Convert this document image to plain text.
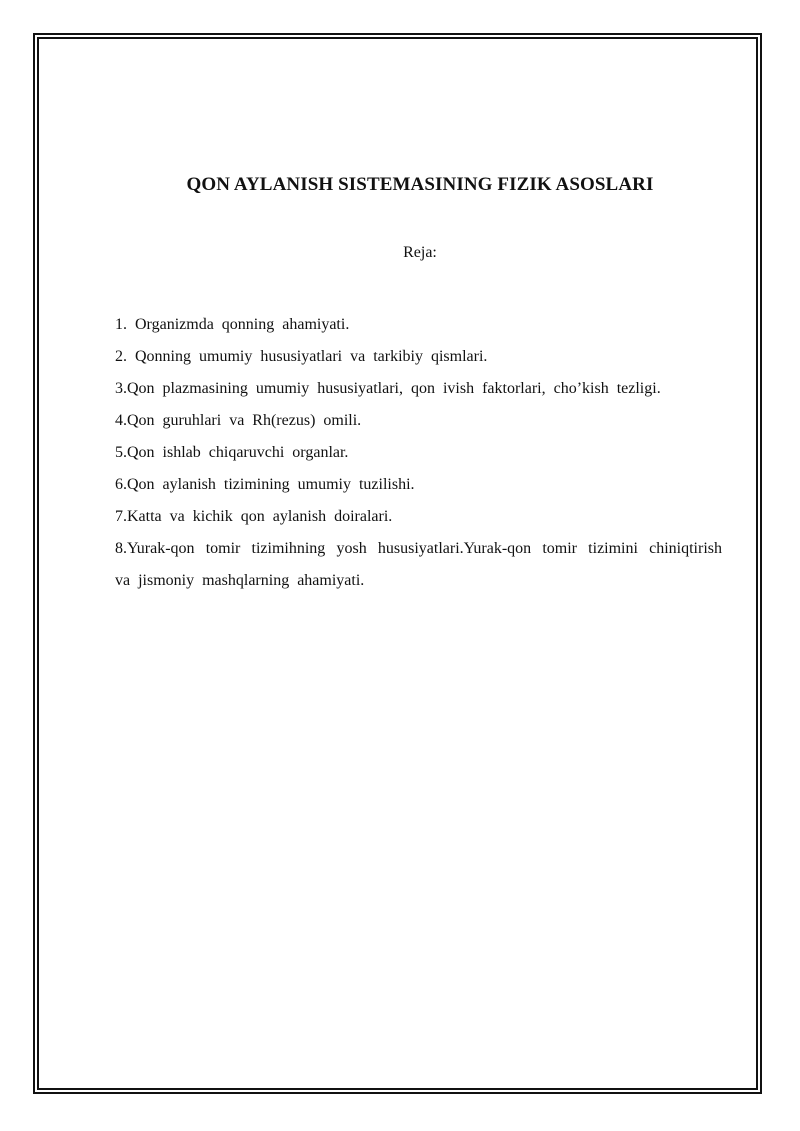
QON AYLANISH SISTEMASINING FIZIK ASOSLARI
Reja:
1. Organizmda qonning ahamiyati.
2. Qonning umumiy hususiyatlari va tarkibiy qismlari.
3.Qon plazmasining umumiy hususiyatlari, qon ivish faktorlari, cho’kish tezligi.
4.Qon guruhlari va Rh(rezus) omili.
5.Qon ishlab chiqaruvchi organlar.
6.Qon aylanish tizimining umumiy tuzilishi.
7.Katta va kichik qon aylanish doiralari.
8.Yurak-qon tomir tizimihning yosh hususiyatlari.Yurak-qon tomir tizimini chiniqtirish va jismoniy mashqlarning ahamiyati.
